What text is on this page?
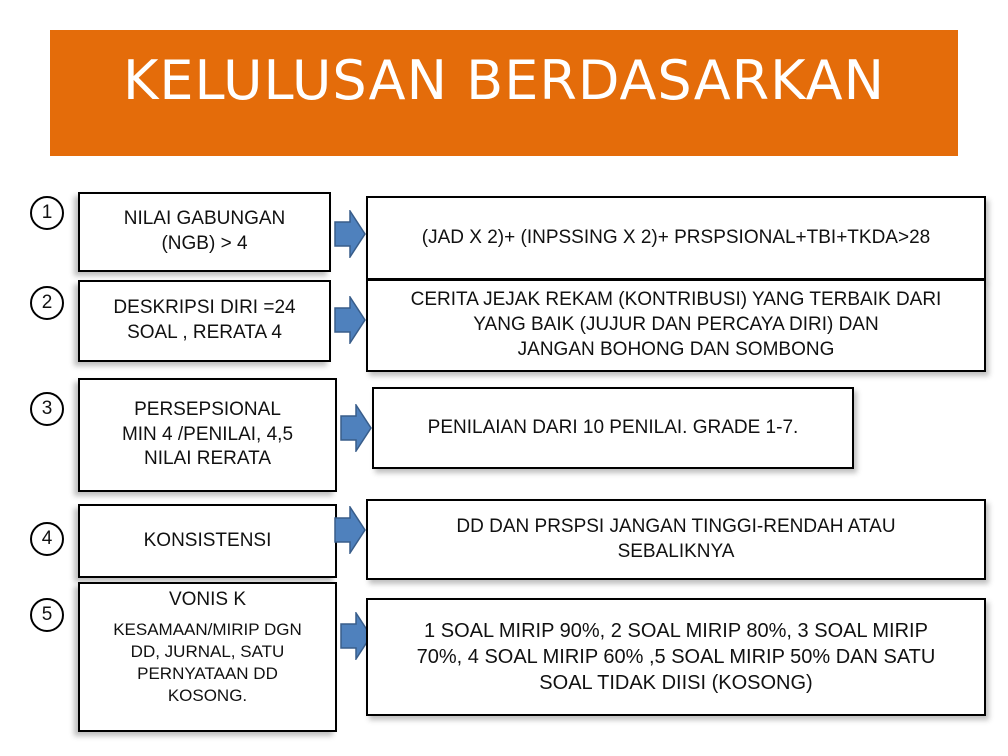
KELULUSAN BERDASARKAN
1	NILAI GABUNGAN
(NGB) > 4	(JAD X 2)+ (INPSSING X 2)+ PRSPSIONAL+TBI+TKDA>28
2	DESKRIPSI DIRI =24
SOAL , RERATA 4
CERITA JEJAK REKAM (KONTRIBUSI) YANG TERBAIK DARI
YANG BAIK (JUJUR DAN PERCAYA DIRI) DAN
JANGAN BOHONG DAN SOMBONG
3	PERSEPSIONAL
MIN 4 /PENILAI, 4,5
NILAI RERATA
PENILAIAN DARI 10 PENILAI. GRADE 1-7.
4	KONSISTENSI
DD DAN PRSPSI JANGAN TINGGI-RENDAH ATAU
SEBALIKNYA
5
VONIS K
KESAMAAN/MIRIP DGN
DD, JURNAL, SATU
PERNYATAAN DD
KOSONG.
1 SOAL MIRIP 90%, 2 SOAL MIRIP 80%, 3 SOAL MIRIP
70%, 4 SOAL MIRIP 60% ,5 SOAL MIRIP 50% DAN SATU
SOAL TIDAK DIISI (KOSONG)
